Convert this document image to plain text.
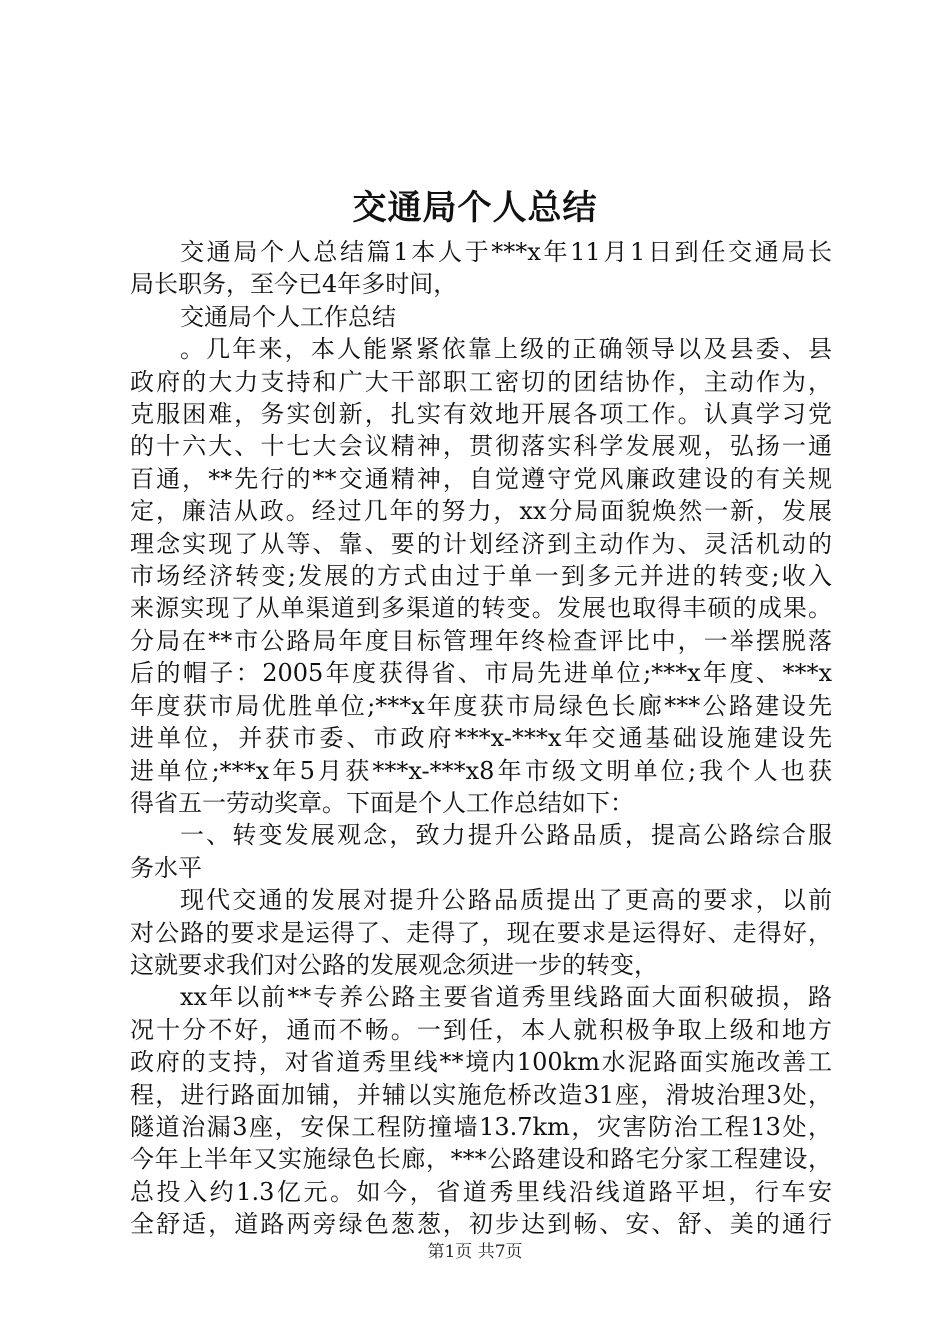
交通局个人总结
交通局个人总结篇1本人于***x年11月1日到任交通局长
局长职务，至今已4年多时间，
交通局个人工作总结
。几年来，本人能紧紧依靠上级的正确领导以及县委、县
政府的大力支持和广大干部职工密切的团结协作，主动作为，
克服困难，务实创新，扎实有效地开展各项工作。认真学习党
的十六大、十七大会议精神，贯彻落实科学发展观，弘扬一通
百通，**先行的**交通精神，自觉遵守党风廉政建设的有关规
定，廉洁从政。经过几年的努力，xx分局面貌焕然一新，发展
理念实现了从等、靠、要的计划经济到主动作为、灵活机动的
市场经济转变;发展的方式由过于单一到多元并进的转变;收入
来源实现了从单渠道到多渠道的转变。发展也取得丰硕的成果。
分局在**市公路局年度目标管理年终检查评比中，一举摆脱落
后的帽子：2005年度获得省、市局先进单位;***x年度、***x
年度获市局优胜单位;***x年度获市局绿色长廊***公路建设先
进单位，并获市委、市政府***x-***x年交通基础设施建设先
进单位;***x年5月获***x-***x8年市级文明单位;我个人也获
得省五一劳动奖章。下面是个人工作总结如下：
一、转变发展观念，致力提升公路品质，提高公路综合服
务水平
现代交通的发展对提升公路品质提出了更高的要求，以前
对公路的要求是运得了、走得了，现在要求是运得好、走得好，
这就要求我们对公路的发展观念须进一步的转变，
xx年以前**专养公路主要省道秀里线路面大面积破损，路
况十分不好，通而不畅。一到任，本人就积极争取上级和地方
政府的支持，对省道秀里线**境内100km水泥路面实施改善工
程，进行路面加铺，并辅以实施危桥改造31座，滑坡治理3处，
隧道治漏3座，安保工程防撞墙13.7km，灾害防治工程13处，
今年上半年又实施绿色长廊，***公路建设和路宅分家工程建设，
总投入约1.3亿元。如今，省道秀里线沿线道路平坦，行车安
全舒适，道路两旁绿色葱葱，初步达到畅、安、舒、美的通行
第1页 共7页
